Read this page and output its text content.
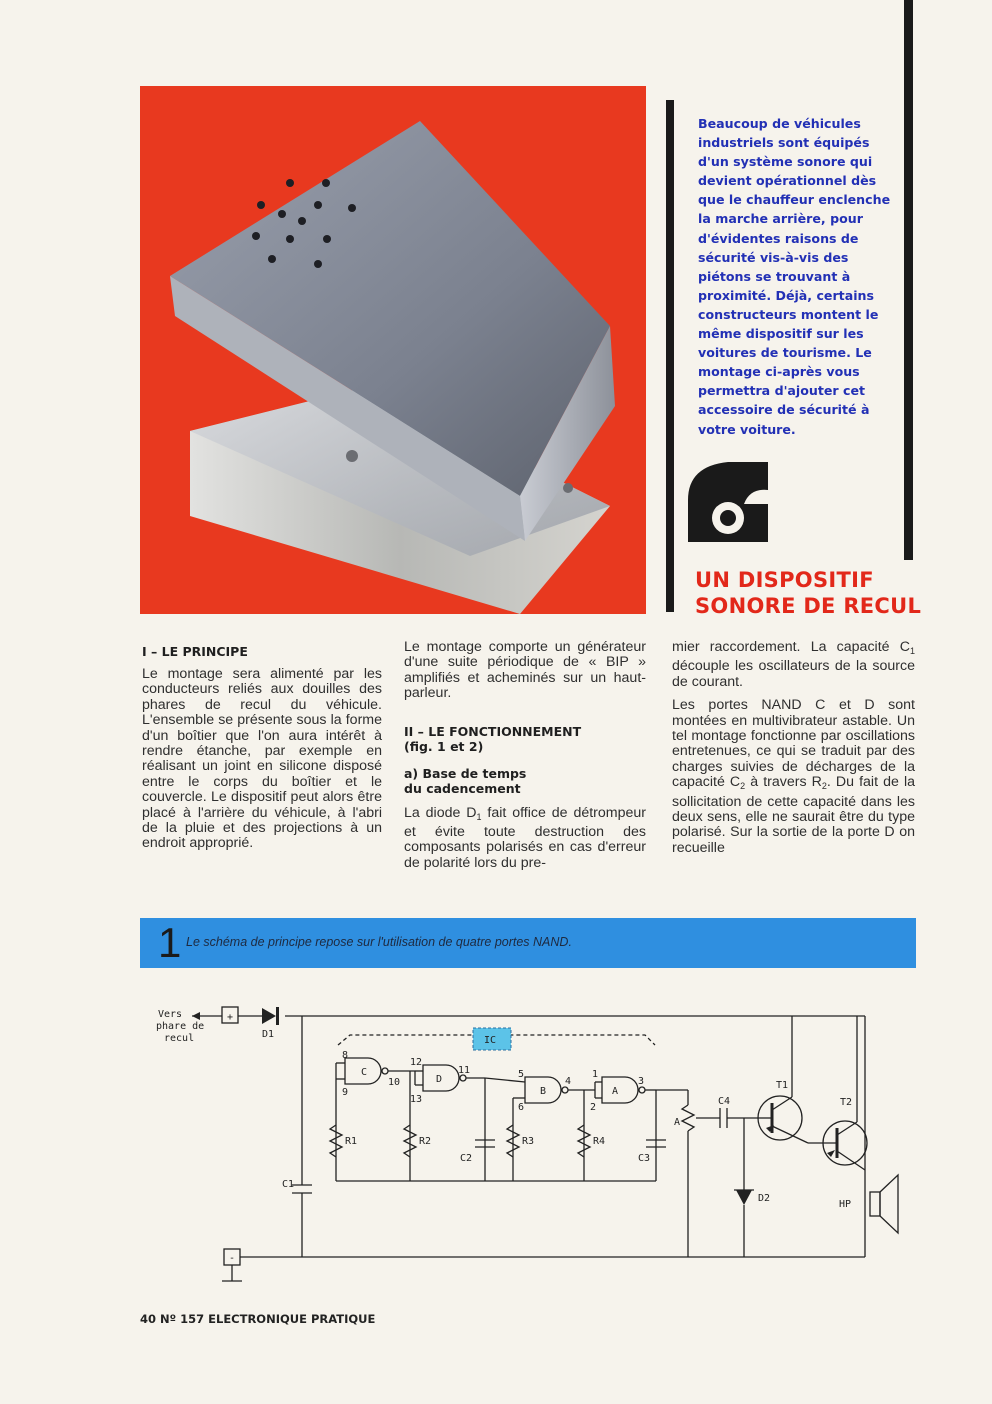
Beaucoup de véhicules industriels sont équipés d'un système sonore qui devient opérationnel dès que le chauffeur enclenche la marche arrière, pour d'évidentes raisons de sécurité vis-à-vis des piétons se trouvant à proximité. Déjà, certains constructeurs montent le même dispositif sur les voitures de tourisme. Le montage ci-après vous permettra d'ajouter cet accessoire de sécurité à votre voiture.
UN DISPOSITIF
SONORE DE RECUL
I – LE PRINCIPE

Le montage sera alimenté par les conducteurs reliés aux douilles des phares de recul du véhicule. L'ensemble se présente sous la forme d'un boîtier que l'on aura intérêt à rendre étanche, par exemple en réalisant un joint en silicone disposé entre le corps du boîtier et le couvercle. Le dispositif peut alors être placé à l'arrière du véhicule, à l'abri de la pluie et des projections à un endroit approprié.

Le montage comporte un générateur d'une suite périodique de « BIP » amplifiés et acheminés sur un haut-parleur.

II – LE FONCTIONNEMENT
(fig. 1 et 2)
a) Base de temps
du cadencement

La diode D1 fait office de détrompeur et évite toute destruction des composants polarisés en cas d'erreur de polarité lors du pre-

mier raccordement. La capacité C1 découple les oscillateurs de la source de courant.

Les portes NAND C et D sont montées en multivibrateur astable. Un tel montage fonctionne par oscillations entretenues, ce qui se traduit par des charges suivies de décharges de la capacité C2 à travers R2. Du fait de la sollicitation de cette capacité dans les deux sens, elle ne saurait être du type polarisé. Sur la sortie de la porte D on recueille

1 Le schéma de principe repose sur l'utilisation de quatre portes NAND.
Vers
phare de
recul
+
-
D1
IC
C
D
B	A
8
9
10
11
12
13
5
6
4
1
2
3
R1	R2	R3	R4
C1
C2	C3
C4
A
D2
T1
T2
HP
40 Nº 157 ELECTRONIQUE PRATIQUE
